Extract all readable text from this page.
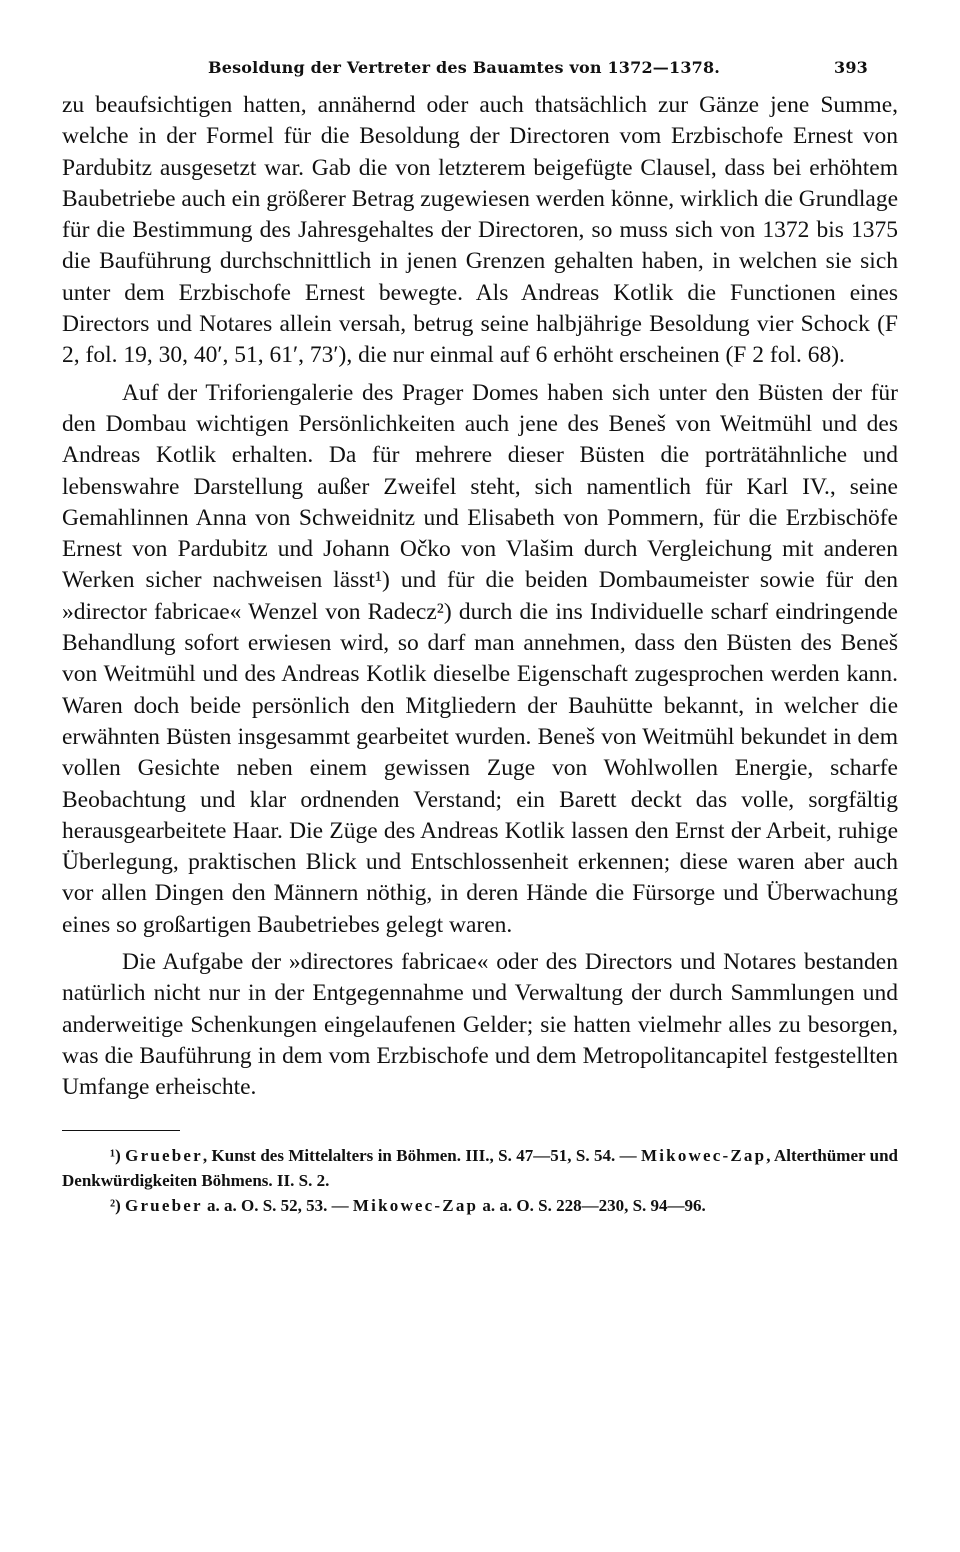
Besoldung der Vertreter des Bauamtes von 1372—1378.	393

zu beaufsichtigen hatten, annähernd oder auch thatsächlich zur Gänze jene Summe, welche in der Formel für die Besoldung der Directoren vom Erzbischofe Ernest von Pardubitz ausgesetzt war. Gab die von letzterem beigefügte Clausel, dass bei erhöhtem Baubetriebe auch ein größerer Betrag zugewiesen werden könne, wirklich die Grundlage für die Bestimmung des Jahresgehaltes der Directoren, so muss sich von 1372 bis 1375 die Bauführung durchschnittlich in jenen Grenzen gehalten haben, in welchen sie sich unter dem Erzbischofe Ernest bewegte. Als Andreas Kotlik die Functionen eines Directors und Notares allein versah, betrug seine halbjährige Besoldung vier Schock (F 2, fol. 19, 30, 40′, 51, 61′, 73′), die nur einmal auf 6 erhöht erscheinen (F 2 fol. 68).

Auf der Triforiengalerie des Prager Domes haben sich unter den Büsten der für den Dombau wichtigen Persönlichkeiten auch jene des Beneš von Weitmühl und des Andreas Kotlik erhalten. Da für mehrere dieser Büsten die porträtähnliche und lebenswahre Darstellung außer Zweifel steht, sich namentlich für Karl IV., seine Gemahlinnen Anna von Schweidnitz und Elisabeth von Pommern, für die Erzbischöfe Ernest von Pardubitz und Johann Očko von Vlašim durch Vergleichung mit anderen Werken sicher nachweisen lässt¹) und für die beiden Dombaumeister sowie für den »director fabricae« Wenzel von Radecz²) durch die ins Individuelle scharf eindringende Behandlung sofort erwiesen wird, so darf man annehmen, dass den Büsten des Beneš von Weitmühl und des Andreas Kotlik dieselbe Eigenschaft zugesprochen werden kann. Waren doch beide persönlich den Mitgliedern der Bauhütte bekannt, in welcher die erwähnten Büsten insgesammt gearbeitet wurden. Beneš von Weitmühl bekundet in dem vollen Gesichte neben einem gewissen Zuge von Wohlwollen Energie, scharfe Beobachtung und klar ordnenden Verstand; ein Barett deckt das volle, sorgfältig herausgearbeitete Haar. Die Züge des Andreas Kotlik lassen den Ernst der Arbeit, ruhige Überlegung, praktischen Blick und Entschlossenheit erkennen; diese waren aber auch vor allen Dingen den Männern nöthig, in deren Hände die Fürsorge und Überwachung eines so großartigen Baubetriebes gelegt waren.

Die Aufgabe der »directores fabricae« oder des Directors und Notares bestanden natürlich nicht nur in der Entgegennahme und Verwaltung der durch Sammlungen und anderweitige Schenkungen eingelaufenen Gelder; sie hatten vielmehr alles zu besorgen, was die Bauführung in dem vom Erzbischofe und dem Metropolitancapitel festgestellten Umfange erheischte.

¹) Grueber, Kunst des Mittelalters in Böhmen. III., S. 47—51, S. 54. — Mikowec-Zap, Alterthümer und Denkwürdigkeiten Böhmens. II. S. 2.

²) Grueber a. a. O. S. 52, 53. — Mikowec-Zap a. a. O. S. 228—230, S. 94—96.
